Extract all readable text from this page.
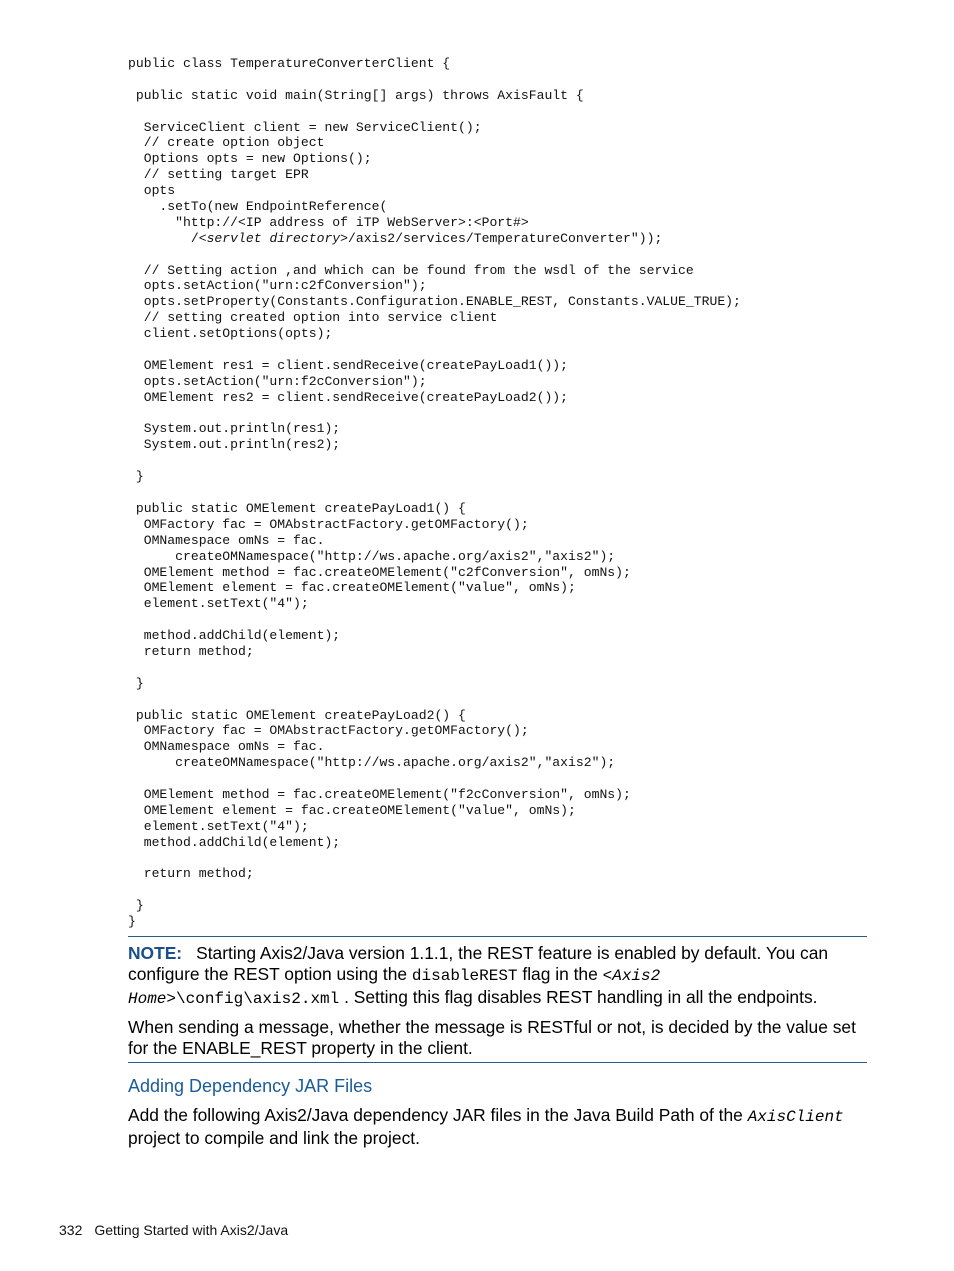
public class TemperatureConverterClient {
public static void main(String[] args) throws AxisFault {
ServiceClient client = new ServiceClient();
// create option object
Options opts = new Options();
// setting target EPR
opts
.setTo(new EndpointReference(
"http://<IP address of iTP WebServer>:<Port#>
/<servlet directory>/axis2/services/TemperatureConverter"));
// Setting action ,and which can be found from the wsdl of the service
opts.setAction("urn:c2fConversion");
opts.setProperty(Constants.Configuration.ENABLE_REST, Constants.VALUE_TRUE);
// setting created option into service client
client.setOptions(opts);
OMElement res1 = client.sendReceive(createPayLoad1());
opts.setAction("urn:f2cConversion");
OMElement res2 = client.sendReceive(createPayLoad2());
System.out.println(res1);
System.out.println(res2);
}
public static OMElement createPayLoad1() {
OMFactory fac = OMAbstractFactory.getOMFactory();
OMNamespace omNs = fac.
createOMNamespace("http://ws.apache.org/axis2","axis2");
OMElement method = fac.createOMElement("c2fConversion", omNs);
OMElement element = fac.createOMElement("value", omNs);
element.setText("4");
method.addChild(element);
return method;
}
public static OMElement createPayLoad2() {
OMFactory fac = OMAbstractFactory.getOMFactory();
OMNamespace omNs = fac.
createOMNamespace("http://ws.apache.org/axis2","axis2");
OMElement method = fac.createOMElement("f2cConversion", omNs);
OMElement element = fac.createOMElement("value", omNs);
element.setText("4");
method.addChild(element);
return method;
}
}

NOTE: Starting Axis2/Java version 1.1.1, the REST feature is enabled by default. You can configure the REST option using the disableREST flag in the <Axis2 Home>\config\axis2.xml . Setting this flag disables REST handling in all the endpoints.

When sending a message, whether the message is RESTful or not, is decided by the value set for the ENABLE_REST property in the client.

Adding Dependency JAR Files

Add the following Axis2/Java dependency JAR files in the Java Build Path of the AxisClient project to compile and link the project.

332 Getting Started with Axis2/Java
